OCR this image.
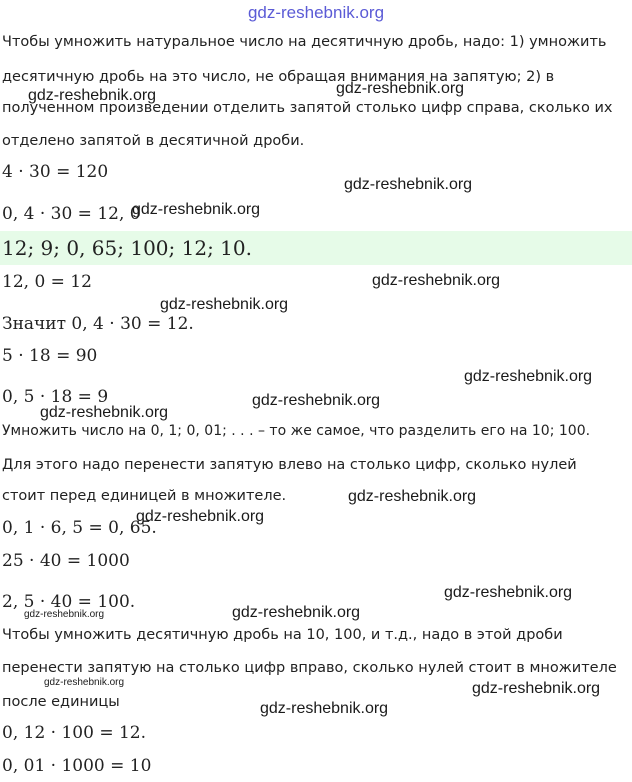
gdz-reshebnik.org
Чтобы умножить натуральное число на десятичную дробь, надо: 1) умножить
десятичную дробь на это число, не обращая внимания на запятую; 2) в
полученном произведении отделить запятой столько цифр справа, сколько их
отделено запятой в десятичной дроби.
4 · 30 = 120
0, 4 · 30 = 12, 0
12; 9; 0, 65; 100; 12; 10.
12, 0 = 12
Значит 0, 4 · 30 = 12.
5 · 18 = 90
0, 5 · 18 = 9
Умножить число на 0, 1; 0, 01; . . . – то же самое, что разделить его на 10; 100.
Для этого надо перенести запятую влево на столько цифр, сколько нулей
стоит перед единицей в множителе.
0, 1 · 6, 5 = 0, 65.
25 · 40 = 1000
2, 5 · 40 = 100.
Чтобы умножить десятичную дробь на 10, 100, и т.д., надо в этой дроби
перенести запятую на столько цифр вправо, сколько нулей стоит в множителе
после единицы
0, 12 · 100 = 12.
0, 01 · 1000 = 10
gdz-reshebnik.org	gdz-reshebnik.org
gdz-reshebnik.org
gdz-reshebnik.org
gdz-reshebnik.org
gdz-reshebnik.org
gdz-reshebnik.org
gdz-reshebnik.org
gdz-reshebnik.org
gdz-reshebnik.org
gdz-reshebnik.org
gdz-reshebnik.org
gdz-reshebnik.org
gdz-reshebnik.org
gdz-reshebnik.org	gdz-reshebnik.org
gdz-reshebnik.org
